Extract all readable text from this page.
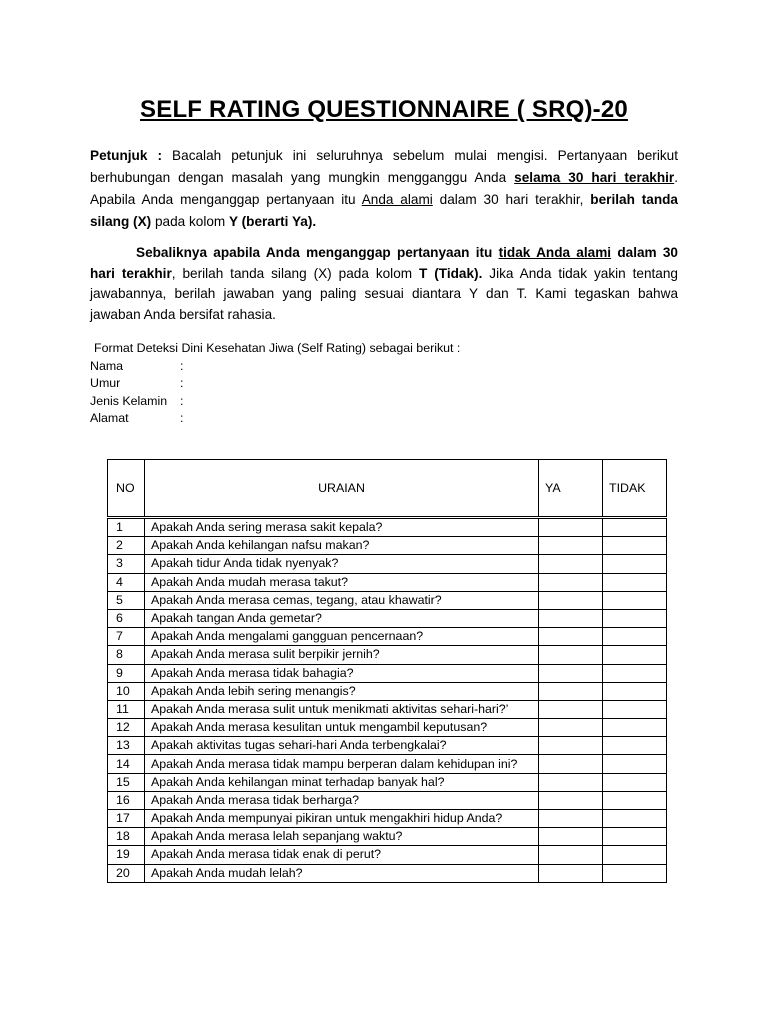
SELF RATING QUESTIONNAIRE ( SRQ)-20
Petunjuk : Bacalah petunjuk ini seluruhnya sebelum mulai mengisi. Pertanyaan berikut berhubungan dengan masalah yang mungkin mengganggu Anda selama 30 hari terakhir. Apabila Anda menganggap pertanyaan itu Anda alami dalam 30 hari terakhir, berilah tanda silang (X) pada kolom Y (berarti Ya).
Sebaliknya apabila Anda menganggap pertanyaan itu tidak Anda alami dalam 30 hari terakhir, berilah tanda silang (X) pada kolom T (Tidak). Jika Anda tidak yakin tentang jawabannya, berilah jawaban yang paling sesuai diantara Y dan T. Kami tegaskan bahwa jawaban Anda bersifat rahasia.
Format Deteksi Dini Kesehatan Jiwa (Self Rating) sebagai berikut :
Nama	:
Umur	:
Jenis Kelamin	:
Alamat	:
NO	URAIAN	YA	TIDAK
1	Apakah Anda sering merasa sakit kepala?		
2	Apakah Anda kehilangan nafsu makan?		
3	Apakah tidur Anda tidak nyenyak?		
4	Apakah Anda mudah merasa takut?		
5	Apakah Anda merasa cemas, tegang, atau khawatir?		
6	Apakah tangan Anda gemetar?		
7	Apakah Anda mengalami gangguan pencernaan?		
8	Apakah Anda merasa sulit berpikir jernih?		
9	Apakah Anda merasa tidak bahagia?		
10	Apakah Anda lebih sering menangis?		
11	Apakah Anda merasa sulit untuk menikmati aktivitas sehari-hari?’		
12	Apakah Anda merasa kesulitan untuk mengambil keputusan?		
13	Apakah aktivitas tugas sehari-hari Anda terbengkalai?		
14	Apakah Anda merasa tidak mampu berperan dalam kehidupan ini?		
15	Apakah Anda kehilangan minat terhadap banyak hal?		
16	Apakah Anda merasa tidak berharga?		
17	Apakah Anda mempunyai pikiran untuk mengakhiri hidup Anda?		
18	Apakah Anda merasa lelah sepanjang waktu?		
19	Apakah Anda merasa tidak enak di perut?		
20	Apakah Anda mudah lelah?		
